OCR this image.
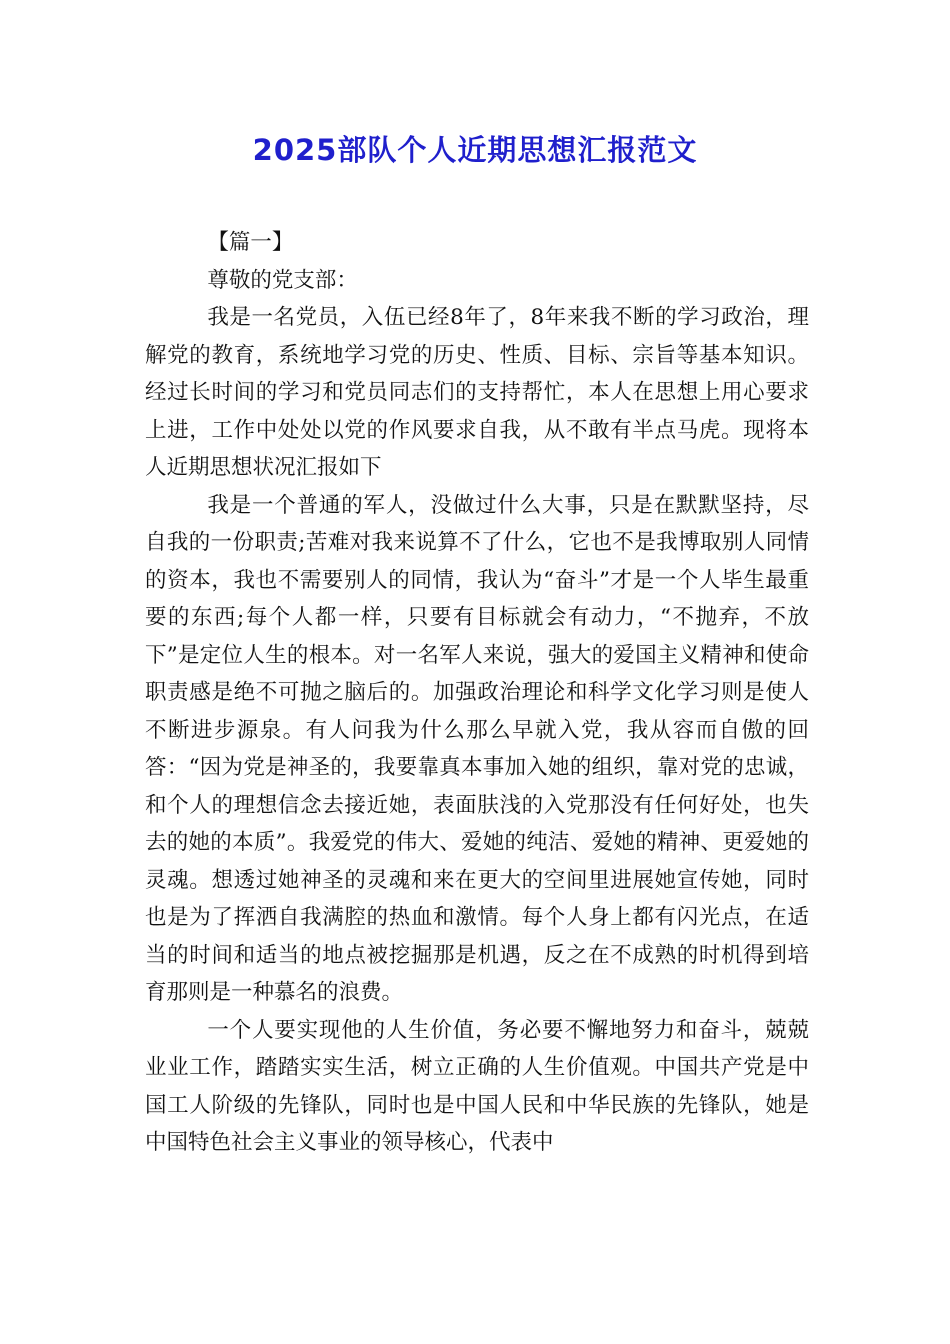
2025部队个人近期思想汇报范文

【篇一】

尊敬的党支部：

我是一名党员，入伍已经8年了，8年来我不断的学习政治，理解党的教育，系统地学习党的历史、性质、目标、宗旨等基本知识。经过长时间的学习和党员同志们的支持帮忙，本人在思想上用心要求上进，工作中处处以党的作风要求自我，从不敢有半点马虎。现将本人近期思想状况汇报如下

我是一个普通的军人，没做过什么大事，只是在默默坚持，尽自我的一份职责;苦难对我来说算不了什么，它也不是我博取别人同情的资本，我也不需要别人的同情，我认为“奋斗”才是一个人毕生最重要的东西;每个人都一样，只要有目标就会有动力，“不抛弃，不放下”是定位人生的根本。对一名军人来说，强大的爱国主义精神和使命职责感是绝不可抛之脑后的。加强政治理论和科学文化学习则是使人不断进步源泉。有人问我为什么那么早就入党，我从容而自傲的回答：“因为党是神圣的，我要靠真本事加入她的组织，靠对党的忠诚，和个人的理想信念去接近她，表面肤浅的入党那没有任何好处，也失去的她的本质”。我爱党的伟大、爱她的纯洁、爱她的精神、更爱她的灵魂。想透过她神圣的灵魂和来在更大的空间里进展她宣传她，同时也是为了挥洒自我满腔的热血和激情。每个人身上都有闪光点，在适当的时间和适当的地点被挖掘那是机遇，反之在不成熟的时机得到培育那则是一种慕名的浪费。

一个人要实现他的人生价值，务必要不懈地努力和奋斗，兢兢业业工作，踏踏实实生活，树立正确的人生价值观。中国共产党是中国工人阶级的先锋队，同时也是中国人民和中华民族的先锋队，她是中国特色社会主义事业的领导核心，代表中
